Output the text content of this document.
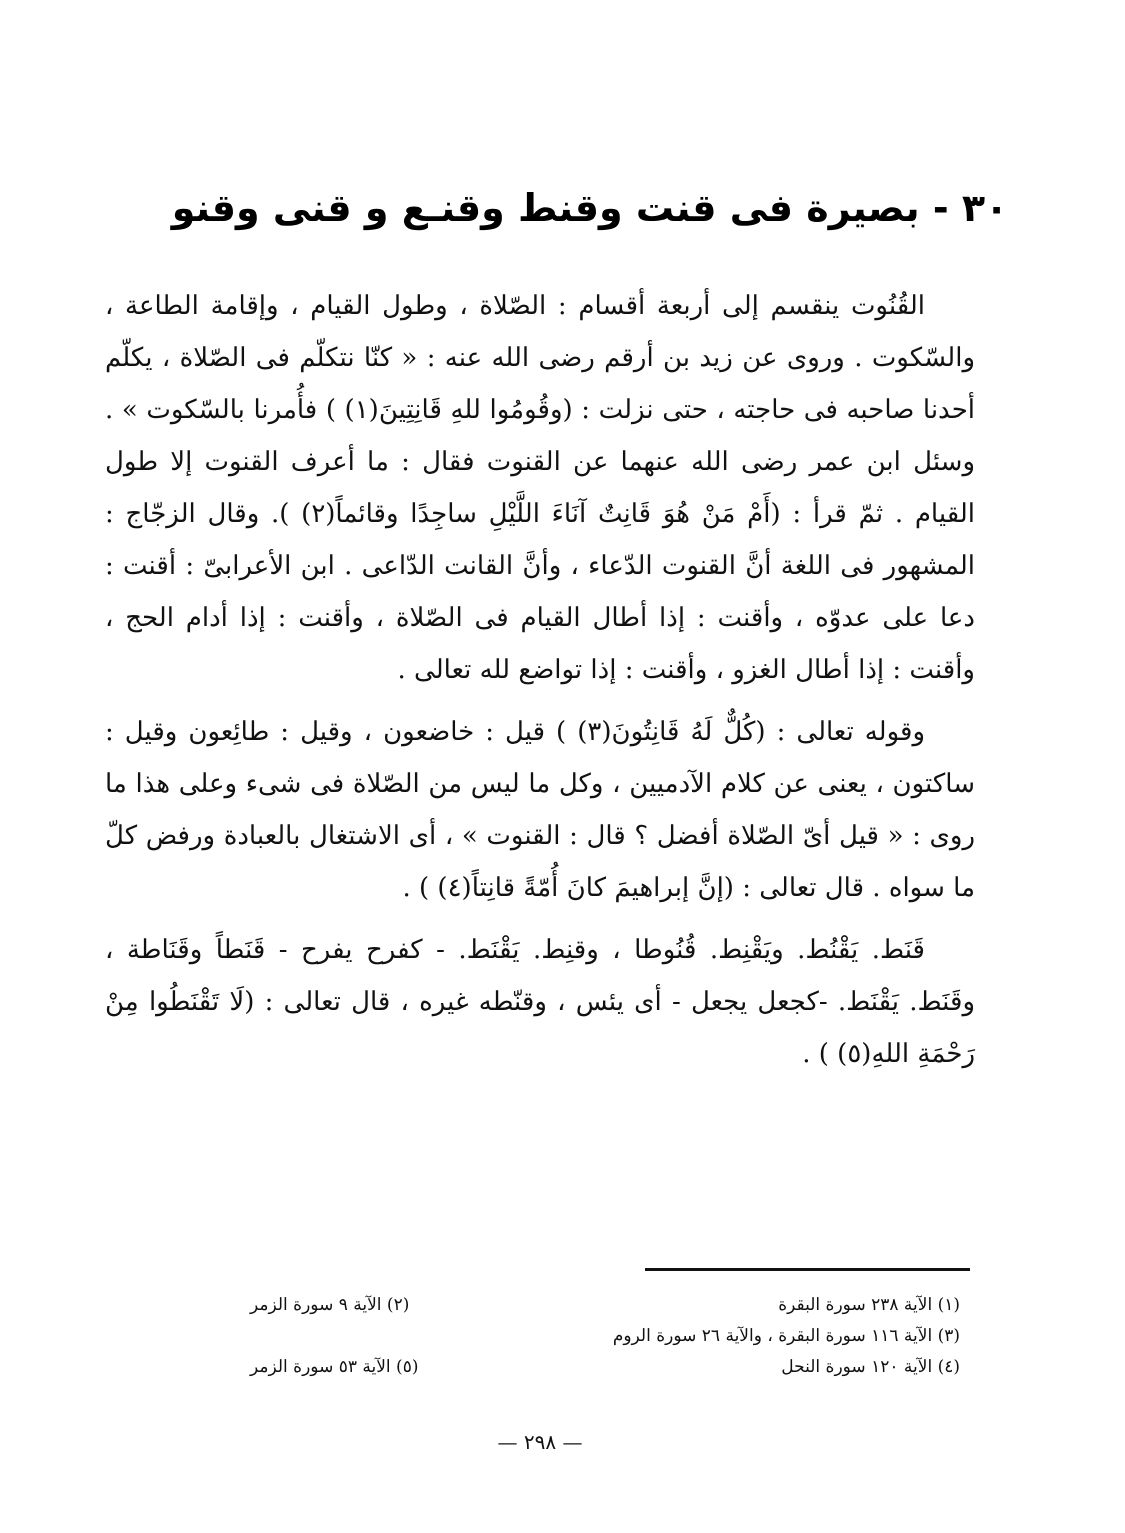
٣٠ - بصيرة فى قنت وقنط وقنـع و قنى وقنو

القُنُوت ينقسم إلى أربعة أقسام : الصّلاة ، وطول القيام ، وإقامة الطاعة ، والسّكوت . وروى عن زيد بن أرقم رضى الله عنه : « كنّا نتكلّم فى الصّلاة ، يكلّم أحدنا صاحبه فى حاجته ، حتى نزلت : (وقُومُوا للهِ قَانِتِينَ(١) ) فأُمرنا بالسّكوت » . وسئل ابن عمر رضى الله عنهما عن القنوت فقال : ما أعرف القنوت إلا طول القيام . ثمّ قرأ : (أَمْ مَنْ هُوَ قَانِتٌ آنَاءَ اللَّيْلِ ساجِدًا وقائماً(٢) ). وقال الزجّاج : المشهور فى اللغة أنَّ القنوت الدّعاء ، وأنَّ القانت الدّاعى . ابن الأعرابىّ : أقنت : دعا على عدوّه ، وأقنت : إذا أطال القيام فى الصّلاة ، وأقنت : إذا أدام الحج ، وأقنت : إذا أطال الغزو ، وأقنت : إذا تواضع لله تعالى .

وقوله تعالى : (كُلٌّ لَهُ قَانِتُونَ(٣) ) قيل : خاضعون ، وقيل : طائِعون وقيل : ساكتون ، يعنى عن كلام الآدميين ، وكل ما ليس من الصّلاة فى شىء وعلى هذا ما روى : « قيل أىّ الصّلاة أفضل ؟ قال : القنوت » ، أى الاشتغال بالعبادة ورفض كلّ ما سواه . قال تعالى : (إنَّ إبراهيمَ كانَ أُمّةً قانِتاً(٤) ) .

قَنَط. يَقْنُط. ويَقْنِط. قُنُوطا ، وقنِط. يَقْنَط. - كفرح يفرح - قَنَطاً وقَنَاطة ، وقَنَط. يَقْنَط. -كجعل يجعل - أى يئس ، وقنّطه غيره ، قال تعالى : (لَا تَقْنَطُوا مِنْ رَحْمَةِ اللهِ(٥) ) .

(١) الآية ٢٣٨ سورة البقرة
(٢) الآية ٩ سورة الزمر
(٣) الآية ١١٦ سورة البقرة ، والآية ٢٦ سورة الروم
(٤) الآية ١٢٠ سورة النحل
(٥) الآية ٥٣ سورة الزمر
— ٢٩٨ —
